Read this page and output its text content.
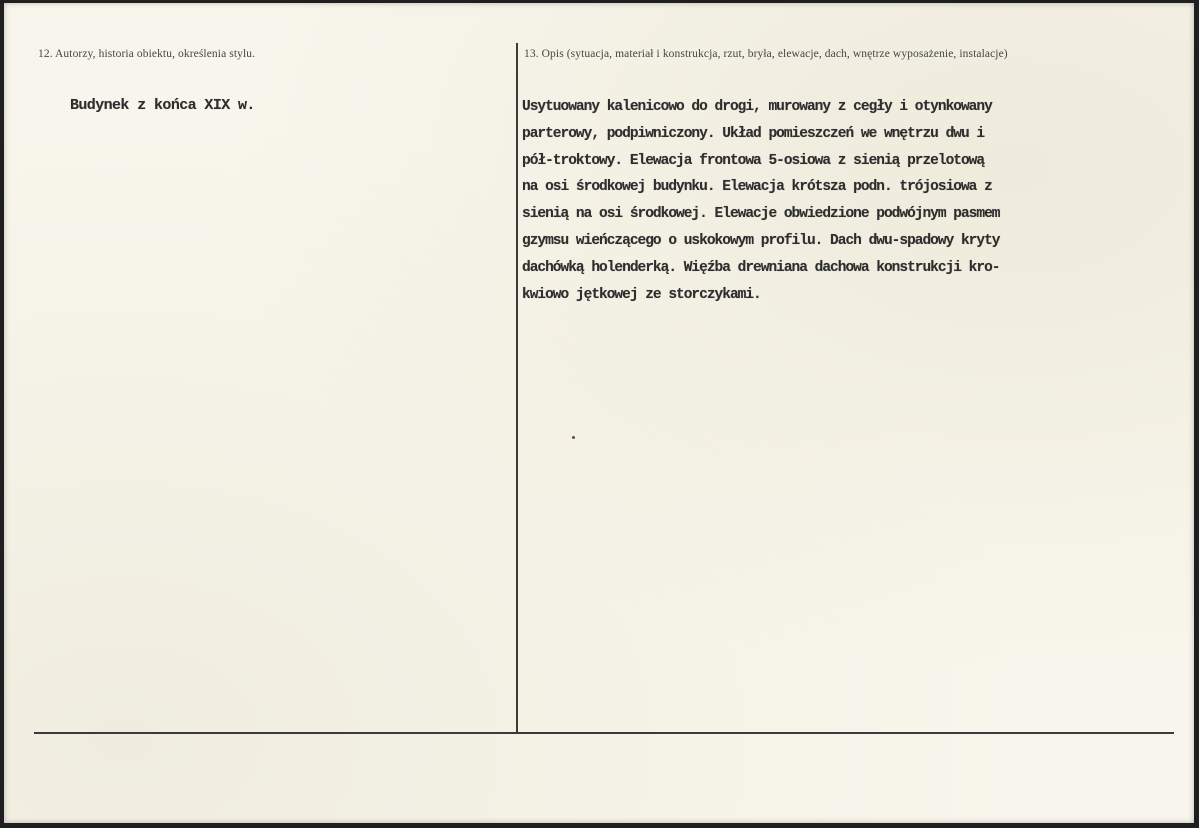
12. Autorzy, historia obiektu, określenia stylu.
Budynek z końca XIX w.
13. Opis (sytuacja, materiał i konstrukcja, rzut, bryła, elewacje, dach, wnętrze wyposażenie, instalacje)
Usytuowany kalenicowo do drogi, murowany z cegły i otynkowany
parterowy, podpiwniczony. Układ pomieszczeń we wnętrzu dwu i
pół-troktowy. Elewacja frontowa 5-osiowa z sienią przelotową
na osi środkowej budynku. Elewacja krótsza podn. trójosiowa z
sienią na osi środkowej. Elewacje obwiedzione podwójnym pasmem
gzymsu wieńczącego o uskokowym profilu. Dach dwu-spadowy kryty
dachówką holenderką. Więźba drewniana dachowa konstrukcji kro-
kwiowo jętkowej ze storczykami.
